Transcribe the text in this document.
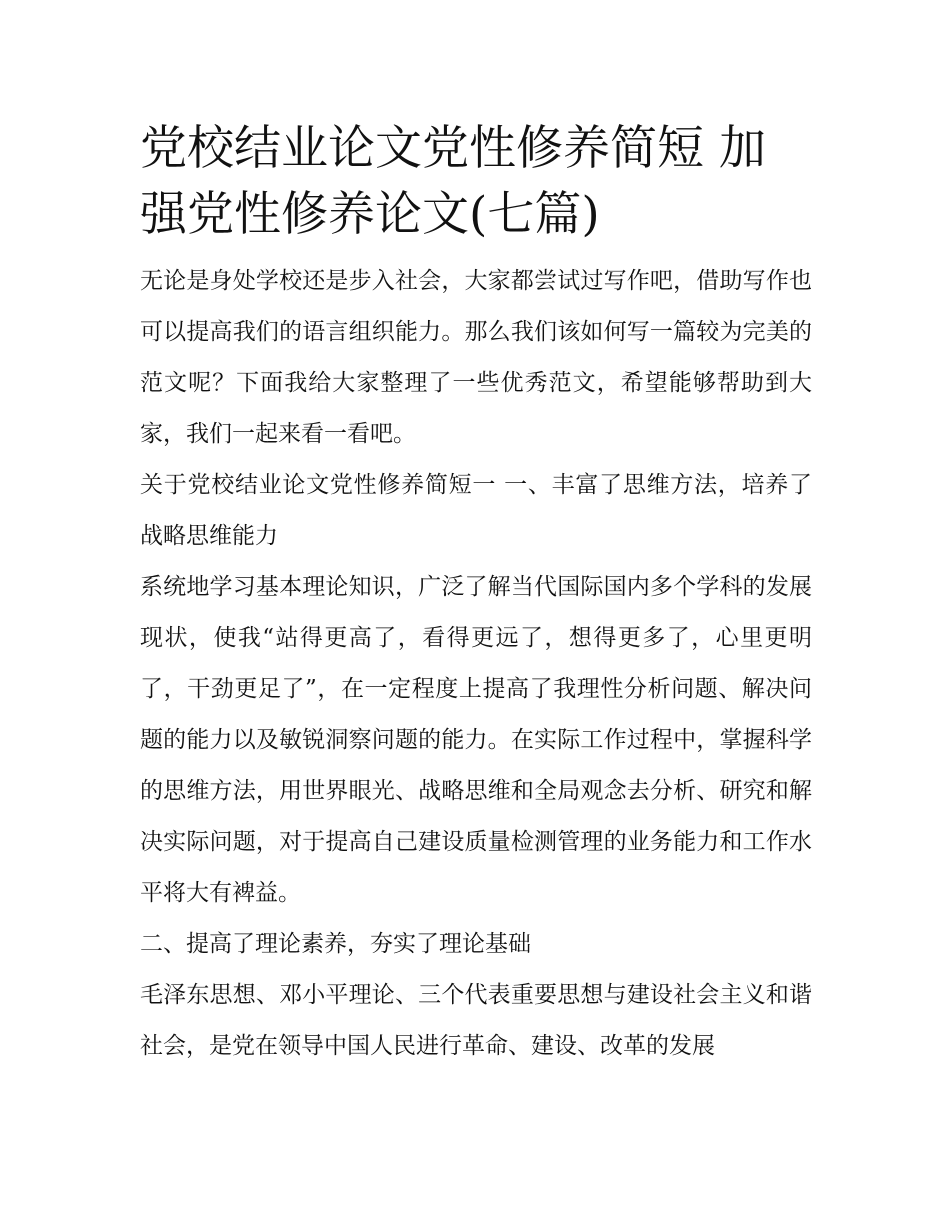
党校结业论文党性修养简短 加强党性修养论文(七篇)

无论是身处学校还是步入社会，大家都尝试过写作吧，借助写作也可以提高我们的语言组织能力。那么我们该如何写一篇较为完美的范文呢？下面我给大家整理了一些优秀范文，希望能够帮助到大家，我们一起来看一看吧。

关于党校结业论文党性修养简短一 一、丰富了思维方法，培养了战略思维能力

系统地学习基本理论知识，广泛了解当代国际国内多个学科的发展现状，使我“站得更高了，看得更远了，想得更多了，心里更明了，干劲更足了”，在一定程度上提高了我理性分析问题、解决问题的能力以及敏锐洞察问题的能力。在实际工作过程中，掌握科学的思维方法，用世界眼光、战略思维和全局观念去分析、研究和解决实际问题，对于提高自己建设质量检测管理的业务能力和工作水平将大有裨益。

二、提高了理论素养，夯实了理论基础

毛泽东思想、邓小平理论、三个代表重要思想与建设社会主义和谐社会，是党在领导中国人民进行革命、建设、改革的发展
